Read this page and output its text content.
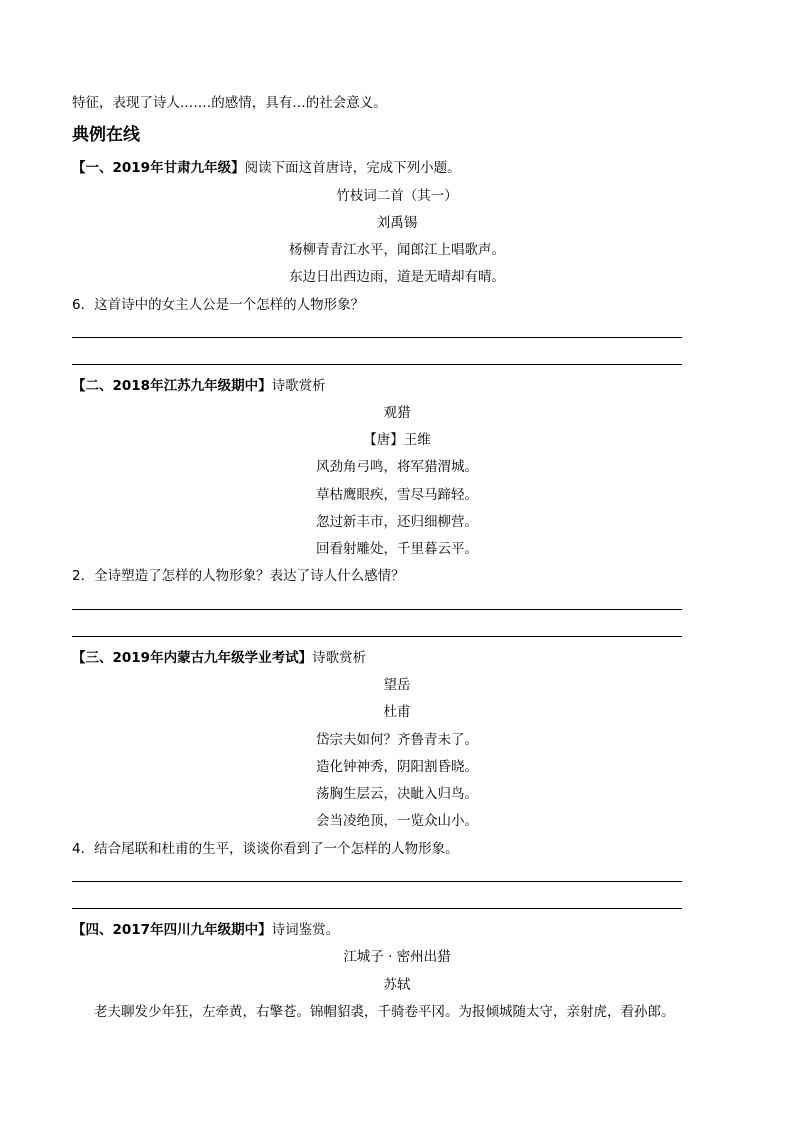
特征，表现了诗人.……的感情，具有…的社会意义。
典例在线
【一、2019年甘肃九年级】阅读下面这首唐诗，完成下列小题。
竹枝词二首（其一）
刘禹锡
杨柳青青江水平，闻郎江上唱歌声。
东边日出西边雨，道是无晴却有晴。
6．这首诗中的女主人公是一个怎样的人物形象？
【二、2018年江苏九年级期中】诗歌赏析
观猎
【唐】王维
风劲角弓鸣，将军猎渭城。
草枯鹰眼疾，雪尽马蹄轻。
忽过新丰市，还归细柳营。
回看射雕处，千里暮云平。
2．全诗塑造了怎样的人物形象？表达了诗人什么感情？
【三、2019年内蒙古九年级学业考试】诗歌赏析
望岳
杜甫
岱宗夫如何？齐鲁青未了。
造化钟神秀，阴阳割昏晓。
荡胸生层云，决眦入归鸟。
会当凌绝顶，一览众山小。
4．结合尾联和杜甫的生平，谈谈你看到了一个怎样的人物形象。
【四、2017年四川九年级期中】诗词鉴赏。
江城子 · 密州出猎
苏轼
老夫聊发少年狂，左牵黄，右擎苍。锦帽貂裘，千骑卷平冈。为报倾城随太守，亲射虎，看孙郎。
